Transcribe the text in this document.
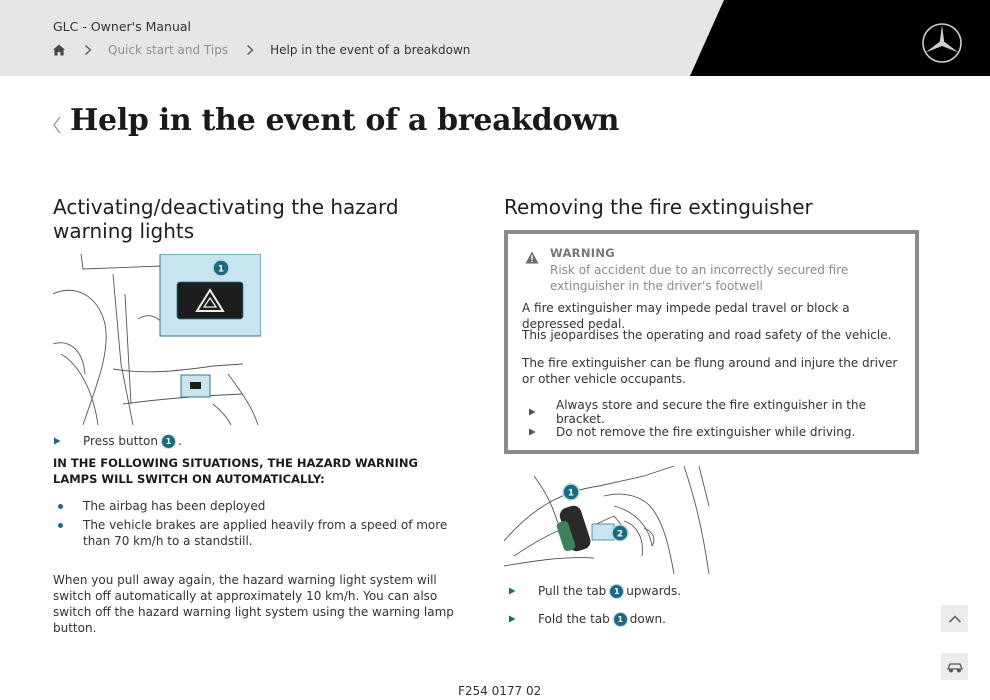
GLC - Owner's Manual
Quick start and Tips	Help in the event of a breakdown
Help in the event of a breakdown
Activating/deactivating the hazard warning lights
1
Press button 1 .
IN THE FOLLOWING SITUATIONS, THE HAZARD WARNING LAMPS WILL SWITCH ON AUTOMATICALLY:
The airbag has been deployed
The vehicle brakes are applied heavily from a speed of more than 70 km/h to a standstill.

When you pull away again, the hazard warning light system will switch off automatically at approximately 10 km/h. You can also switch off the hazard warning light system using the warning lamp button.

Removing the fire extinguisher
WARNING
Risk of accident due to an incorrectly secured fire extinguisher in the driver's footwell
A fire extinguisher may impede pedal travel or block a depressed pedal.
This jeopardises the operating and road safety of the vehicle.
The fire extinguisher can be flung around and injure the driver or other vehicle occupants.
Always store and secure the fire extinguisher in the bracket.
Do not remove the fire extinguisher while driving.
1
2
Pull the tab 1 upwards.
Fold the tab 1 down.
F254 0177 02
